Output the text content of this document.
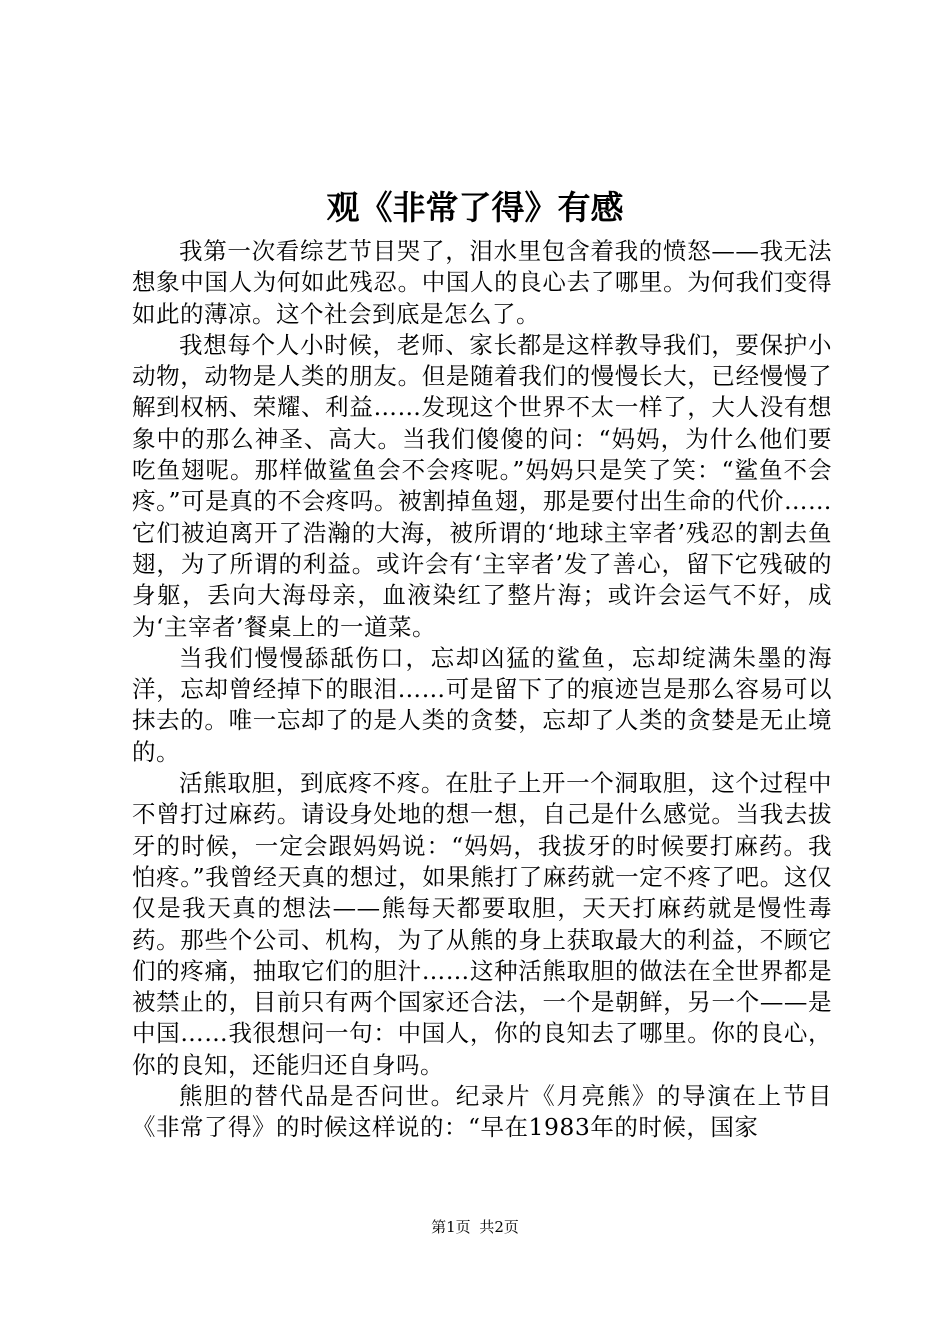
观《非常了得》有感

我第一次看综艺节目哭了，泪水里包含着我的愤怒——我无法想象中国人为何如此残忍。中国人的良心去了哪里。为何我们变得如此的薄凉。这个社会到底是怎么了。

我想每个人小时候，老师、家长都是这样教导我们，要保护小动物，动物是人类的朋友。但是随着我们的慢慢长大，已经慢慢了解到权柄、荣耀、利益……发现这个世界不太一样了，大人没有想象中的那么神圣、高大。当我们傻傻的问：“妈妈，为什么他们要吃鱼翅呢。那样做鲨鱼会不会疼呢。”妈妈只是笑了笑：“鲨鱼不会疼。”可是真的不会疼吗。被割掉鱼翅，那是要付出生命的代价……它们被迫离开了浩瀚的大海，被所谓的‘地球主宰者’残忍的割去鱼翅，为了所谓的利益。或许会有‘主宰者’发了善心，留下它残破的身躯，丢向大海母亲，血液染红了整片海；或许会运气不好，成为‘主宰者’餐桌上的一道菜。

当我们慢慢舔舐伤口，忘却凶猛的鲨鱼，忘却绽满朱墨的海洋，忘却曾经掉下的眼泪……可是留下了的痕迹岂是那么容易可以抹去的。唯一忘却了的是人类的贪婪，忘却了人类的贪婪是无止境的。

活熊取胆，到底疼不疼。在肚子上开一个洞取胆，这个过程中不曾打过麻药。请设身处地的想一想，自己是什么感觉。当我去拔牙的时候，一定会跟妈妈说：“妈妈，我拔牙的时候要打麻药。我怕疼。”我曾经天真的想过，如果熊打了麻药就一定不疼了吧。这仅仅是我天真的想法——熊每天都要取胆，天天打麻药就是慢性毒药。那些个公司、机构，为了从熊的身上获取最大的利益，不顾它们的疼痛，抽取它们的胆汁……这种活熊取胆的做法在全世界都是被禁止的，目前只有两个国家还合法，一个是朝鲜，另一个——是中国……我很想问一句：中国人，你的良知去了哪里。你的良心，你的良知，还能归还自身吗。

熊胆的替代品是否问世。纪录片《月亮熊》的导演在上节目《非常了得》的时候这样说的：“早在1983年的时候，国家

第1页 共2页
